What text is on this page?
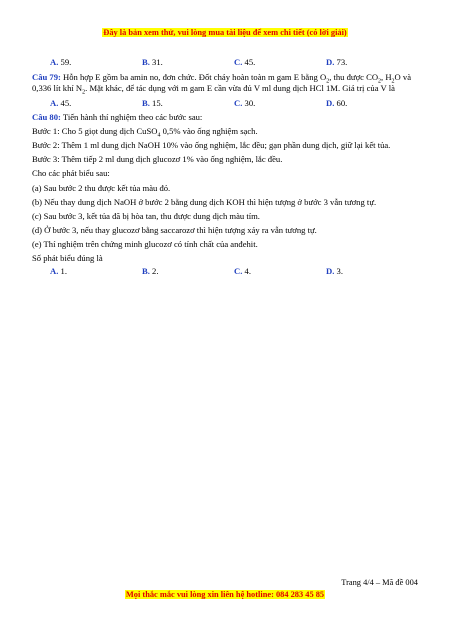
Đây là bản xem thử, vui lòng mua tài liệu để xem chi tiết (có lời giải)
A. 59.	B. 31.	C. 45.	D. 73.

Câu 79: Hỗn hợp E gồm ba amin no, đơn chức. Đốt cháy hoàn toàn m gam E bằng $O_2$, thu được $CO_2$, $H_2O$ và 0,336 lít khí $N_2$. Mặt khác, để tác dụng với m gam E cần vừa đủ V ml dung dịch HCl 1M. Giá trị của V là

A. 45.	B. 15.	C. 30.	D. 60.

Câu 80: Tiến hành thí nghiệm theo các bước sau:

Bước 1: Cho 5 giọt dung dịch CuSO$_4$ 0,5% vào ống nghiệm sạch.

Bước 2: Thêm 1 ml dung dịch NaOH 10% vào ống nghiệm, lắc đều; gạn phần dung dịch, giữ lại kết tủa.

Bước 3: Thêm tiếp 2 ml dung dịch glucozơ 1% vào ống nghiệm, lắc đều.

Cho các phát biểu sau:

(a) Sau bước 2 thu được kết tủa màu đỏ.

(b) Nếu thay dung dịch NaOH ở bước 2 bằng dung dịch KOH thì hiện tượng ở bước 3 vẫn tương tự.

(c) Sau bước 3, kết tủa đã bị hòa tan, thu được dung dịch màu tím.

(d) Ở bước 3, nếu thay glucozơ bằng saccarozơ thì hiện tượng xảy ra vẫn tương tự.

(e) Thí nghiệm trên chứng minh glucozơ có tính chất của anđehit.

Số phát biểu đúng là

A. 1.	B. 2.	C. 4.	D. 3.
Trang 4/4 – Mã đề 004
Mọi thắc mắc vui lòng xin liên hệ hotline: 084 283 45 85
